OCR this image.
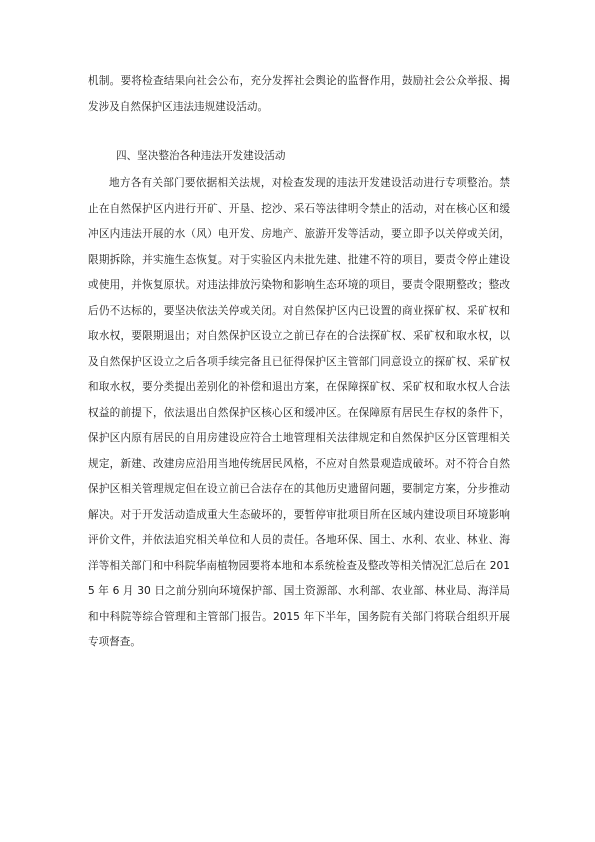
机制。要将检查结果向社会公布，充分发挥社会舆论的监督作用，鼓励社会公众举报、揭发涉及自然保护区违法违规建设活动。
四、坚决整治各种违法开发建设活动
地方各有关部门要依据相关法规，对检查发现的违法开发建设活动进行专项整治。禁止在自然保护区内进行开矿、开垦、挖沙、采石等法律明令禁止的活动，对在核心区和缓冲区内违法开展的水（风）电开发、房地产、旅游开发等活动，要立即予以关停或关闭，限期拆除，并实施生态恢复。对于实验区内未批先建、批建不符的项目，要责令停止建设或使用，并恢复原状。对违法排放污染物和影响生态环境的项目，要责令限期整改；整改后仍不达标的，要坚决依法关停或关闭。对自然保护区内已设置的商业探矿权、采矿权和取水权，要限期退出；对自然保护区设立之前已存在的合法探矿权、采矿权和取水权，以及自然保护区设立之后各项手续完备且已征得保护区主管部门同意设立的探矿权、采矿权和取水权，要分类提出差别化的补偿和退出方案，在保障探矿权、采矿权和取水权人合法权益的前提下，依法退出自然保护区核心区和缓冲区。在保障原有居民生存权的条件下，保护区内原有居民的自用房建设应符合土地管理相关法律规定和自然保护区分区管理相关规定，新建、改建房应沿用当地传统居民风格，不应对自然景观造成破坏。对不符合自然保护区相关管理规定但在设立前已合法存在的其他历史遗留问题，要制定方案，分步推动解决。对于开发活动造成重大生态破坏的，要暂停审批项目所在区域内建设项目环境影响评价文件，并依法追究相关单位和人员的责任。各地环保、国土、水利、农业、林业、海洋等相关部门和中科院华南植物园要将本地和本系统检查及整改等相关情况汇总后在 2015 年 6 月 30 日之前分别向环境保护部、国土资源部、水利部、农业部、林业局、海洋局和中科院等综合管理和主管部门报告。2015 年下半年，国务院有关部门将联合组织开展专项督查。
